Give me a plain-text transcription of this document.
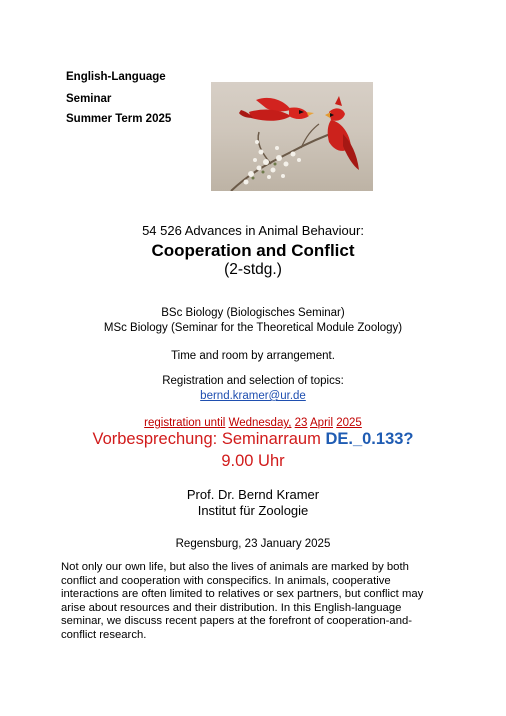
English-Language
Seminar
Summer Term 2025
54 526 Advances in Animal Behaviour:
Cooperation and Conflict
(2-stdg.)
BSc Biology (Biologisches Seminar)
MSc Biology (Seminar for the Theoretical Module Zoology)
Time and room by arrangement.
Registration and selection of topics:
bernd.kramer@ur.de
registration until Wednesday, 23 April 2025
Vorbesprechung: Seminarraum DE._0.133?
9.00 Uhr
Prof. Dr. Bernd Kramer
Institut für Zoologie
Regensburg, 23 January 2025
Not only our own life, but also the lives of animals are marked by both conflict and cooperation with conspecifics. In animals, cooperative interactions are often limited to relatives or sex partners, but conflict may arise about resources and their distribution. In this English-language seminar, we discuss recent papers at the forefront of cooperation-and-conflict research.
